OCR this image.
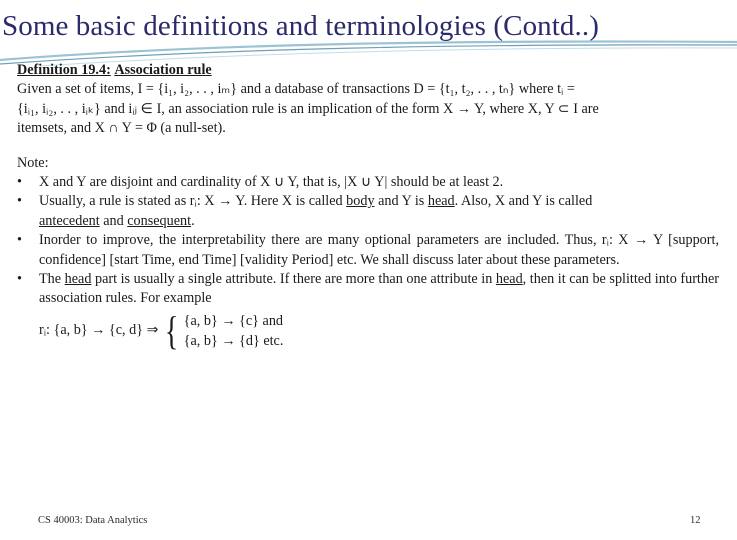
Some basic definitions and terminologies (Contd..)
Definition 19.4: Association rule
Given a set of items, I = {i₁, i₂, . . , iₘ} and a database of transactions D = {t₁, t₂, . . , tₙ} where tᵢ =
{iᵢ₁, iᵢ₂, . . , iᵢₖ} and iᵢⱼ ∈ I, an association rule is an implication of the form X → Y, where X, Y ⊂ I are
itemsets, and X ∩ Y = Φ (a null-set).
Note:
• X and Y are disjoint and cardinality of X ∪ Y, that is, |X ∪ Y| should be at least 2.
• Usually, a rule is stated as rᵢ: X → Y. Here X is called body and Y is head. Also, X and Y is called
antecedent and consequent.
• Inorder to improve, the interpretability there are many optional parameters are included. Thus, rᵢ: X → Y [support, confidence] [start Time, end Time] [validity Period] etc. We shall discuss later about these parameters.
• The head part is usually a single attribute. If there are more than one attribute in head, then it can be splitted into further association rules. For example
rᵢ: {a, b} → {c, d} ⇒ { {a, b} → {c} and
{a, b} → {d} etc.
CS 40003: Data Analytics	12
